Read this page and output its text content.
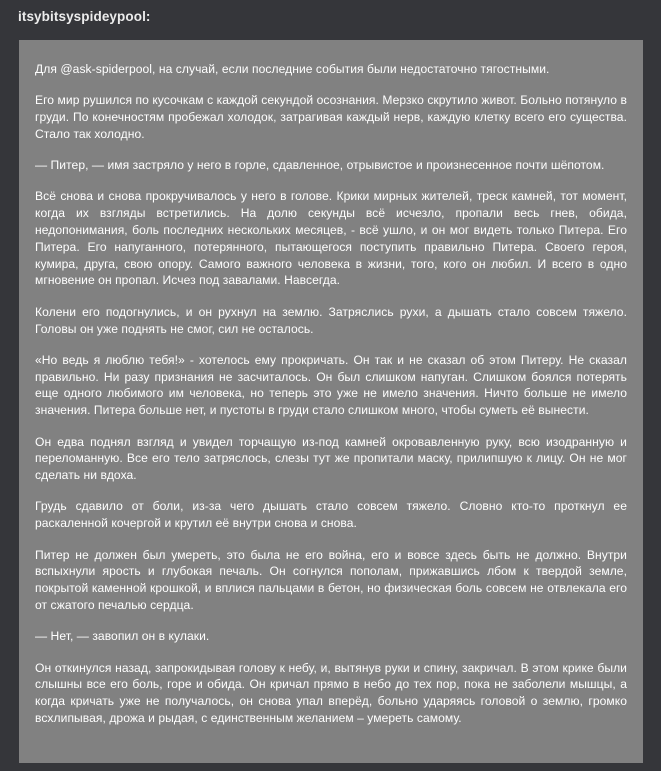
itsybitsyspideypool:

Для @ask-spiderpool, на случай, если последние события были недостаточно тягостными.

Его мир рушился по кусочкам с каждой секундой осознания. Мерзко скрутило живот. Больно потянуло в груди. По конечностям пробежал холодок, затрагивая каждый нерв, каждую клетку всего его существа. Стало так холодно.

— Питер, — имя застряло у него в горле, сдавленное, отрывистое и произнесенное почти шёпотом.

Всё снова и снова прокручивалось у него в голове. Крики мирных жителей, треск камней, тот момент, когда их взгляды встретились. На долю секунды всё исчезло, пропали весь гнев, обида, недопонимания, боль последних нескольких месяцев, - всё ушло, и он мог видеть только Питера. Его Питера. Его напуганного, потерянного, пытающегося поступить правильно Питера. Своего героя, кумира, друга, свою опору. Самого важного человека в жизни, того, кого он любил. И всего в одно мгновение он пропал. Исчез под завалами. Навсегда.

Колени его подогнулись, и он рухнул на землю. Затряслись рухи, а дышать стало совсем тяжело. Головы он уже поднять не смог, сил не осталось.

«Но ведь я люблю тебя!» - хотелось ему прокричать. Он так и не сказал об этом Питеру. Не сказал правильно. Ни разу признания не засчиталось. Он был слишком напуган. Слишком боялся потерять еще одного любимого им человека, но теперь это уже не имело значения. Ничто больше не имело значения. Питера больше нет, и пустоты в груди стало слишком много, чтобы суметь её вынести.

Он едва поднял взгляд и увидел торчащую из-под камней окровавленную руку, всю изодранную и переломанную. Все его тело затряслось, слезы тут же пропитали маску, прилипшую к лицу. Он не мог сделать ни вдоха.

Грудь сдавило от боли, из-за чего дышать стало совсем тяжело. Словно кто-то проткнул ее раскаленной кочергой и крутил её внутри снова и снова.

Питер не должен был умереть, это была не его война, его и вовсе здесь быть не должно. Внутри вспыхнули ярость и глубокая печаль. Он согнулся пополам, прижавшись лбом к твердой земле, покрытой каменной крошкой, и вплися пальцами в бетон, но физическая боль совсем не отвлекала его от сжатого печалью сердца.

— Нет, — завопил он в кулаки.

Он откинулся назад, запрокидывая голову к небу, и, вытянув руки и спину, закричал. В этом крике были слышны все его боль, горе и обида. Он кричал прямо в небо до тех пор, пока не заболели мышцы, а когда кричать уже не получалось, он снова упал вперёд, больно ударяясь головой о землю, громко всхлипывая, дрожа и рыдая, с единственным желанием – умереть самому.
